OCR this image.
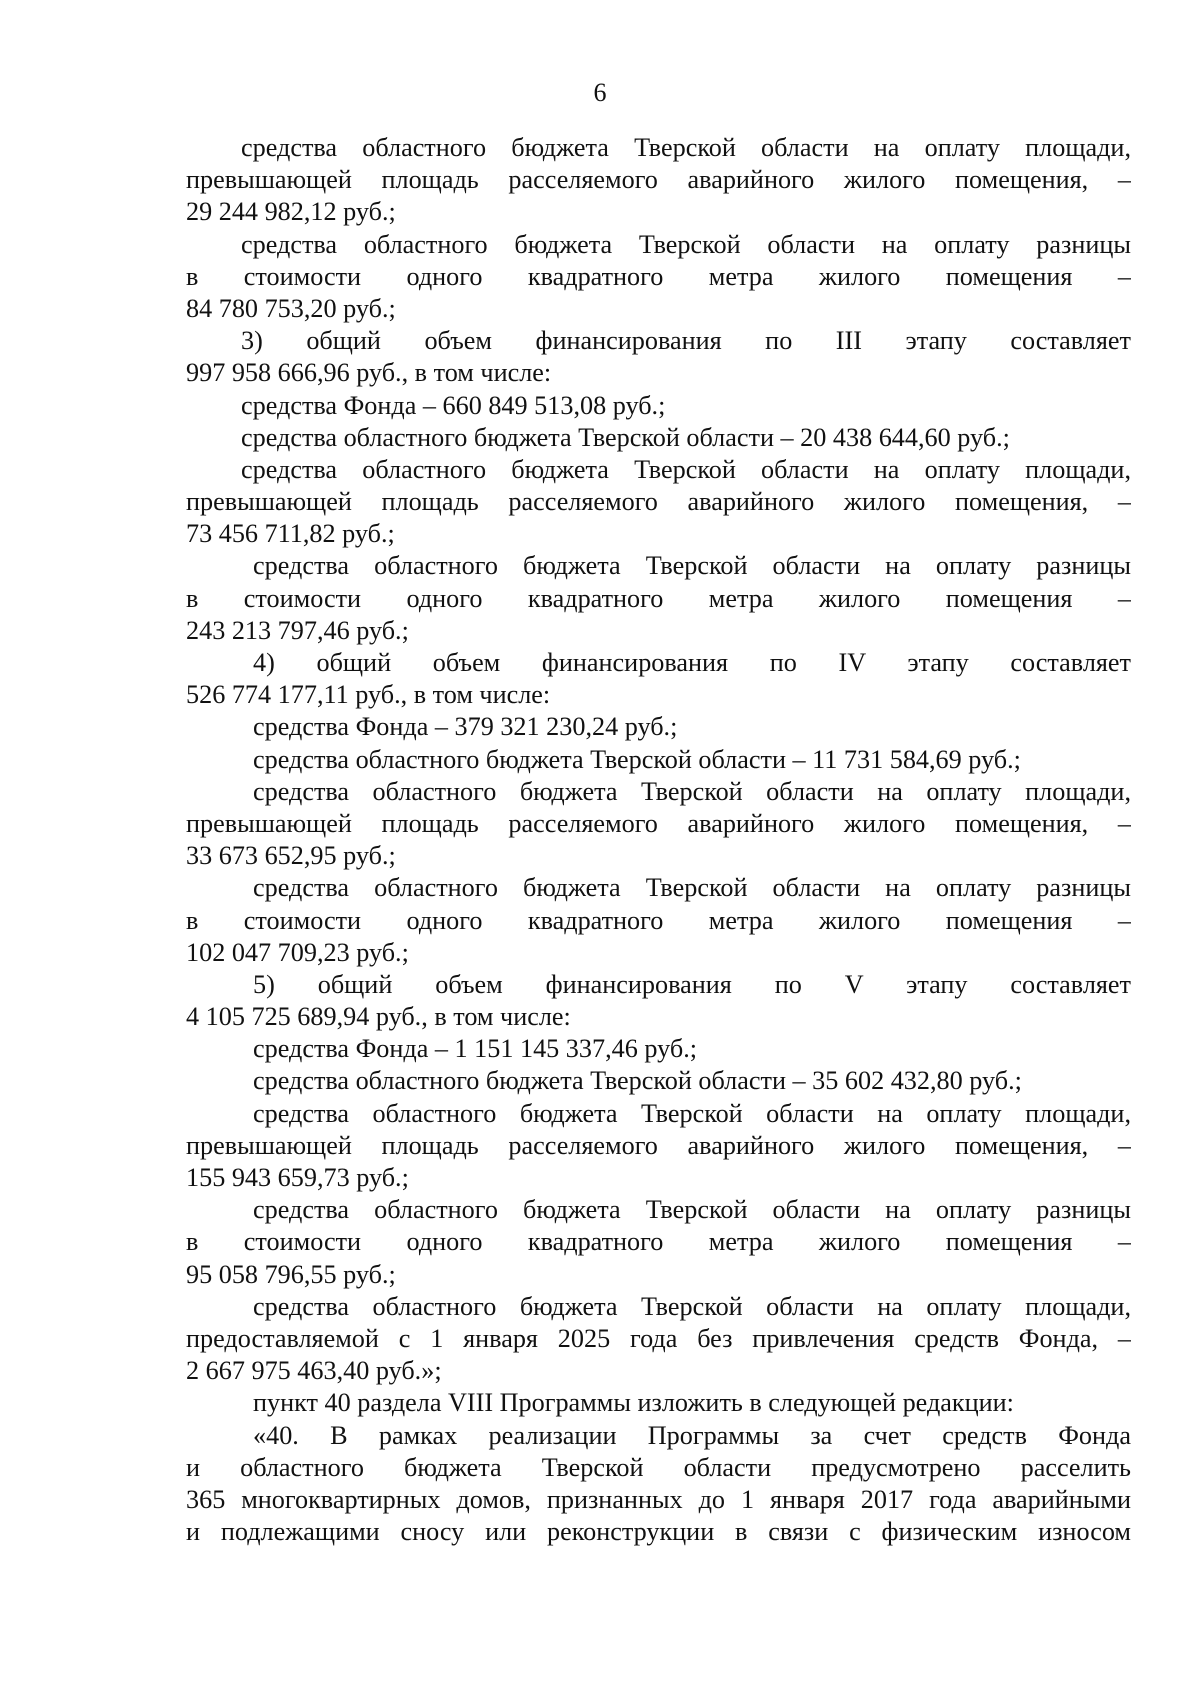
6
средства областного бюджета Тверской области на оплату площади,
превышающей площадь расселяемого аварийного жилого помещения, –
29 244 982,12 руб.;
средства областного бюджета Тверской области на оплату разницы
в стоимости одного квадратного метра жилого помещения –
84 780 753,20 руб.;
3) общий объем финансирования по III этапу составляет
997 958 666,96 руб., в том числе:
средства Фонда – 660 849 513,08 руб.;
средства областного бюджета Тверской области – 20 438 644,60 руб.;
средства областного бюджета Тверской области на оплату площади,
превышающей площадь расселяемого аварийного жилого помещения, –
73 456 711,82 руб.;
средства областного бюджета Тверской области на оплату разницы
в стоимости одного квадратного метра жилого помещения –
243 213 797,46 руб.;
4) общий объем финансирования по IV этапу составляет
526 774 177,11 руб., в том числе:
средства Фонда – 379 321 230,24 руб.;
средства областного бюджета Тверской области – 11 731 584,69 руб.;
средства областного бюджета Тверской области на оплату площади,
превышающей площадь расселяемого аварийного жилого помещения, –
33 673 652,95 руб.;
средства областного бюджета Тверской области на оплату разницы
в стоимости одного квадратного метра жилого помещения –
102 047 709,23 руб.;
5) общий объем финансирования по V этапу составляет
4 105 725 689,94 руб., в том числе:
средства Фонда – 1 151 145 337,46 руб.;
средства областного бюджета Тверской области – 35 602 432,80 руб.;
средства областного бюджета Тверской области на оплату площади,
превышающей площадь расселяемого аварийного жилого помещения, –
155 943 659,73 руб.;
средства областного бюджета Тверской области на оплату разницы
в стоимости одного квадратного метра жилого помещения –
95 058 796,55 руб.;
средства областного бюджета Тверской области на оплату площади,
предоставляемой с 1 января 2025 года без привлечения средств Фонда, –
2 667 975 463,40 руб.»;
пункт 40 раздела VIII Программы изложить в следующей редакции:
«40. В рамках реализации Программы за счет средств Фонда
и областного бюджета Тверской области предусмотрено расселить
365 многоквартирных домов, признанных до 1 января 2017 года аварийными
и подлежащими сносу или реконструкции в связи с физическим износом
